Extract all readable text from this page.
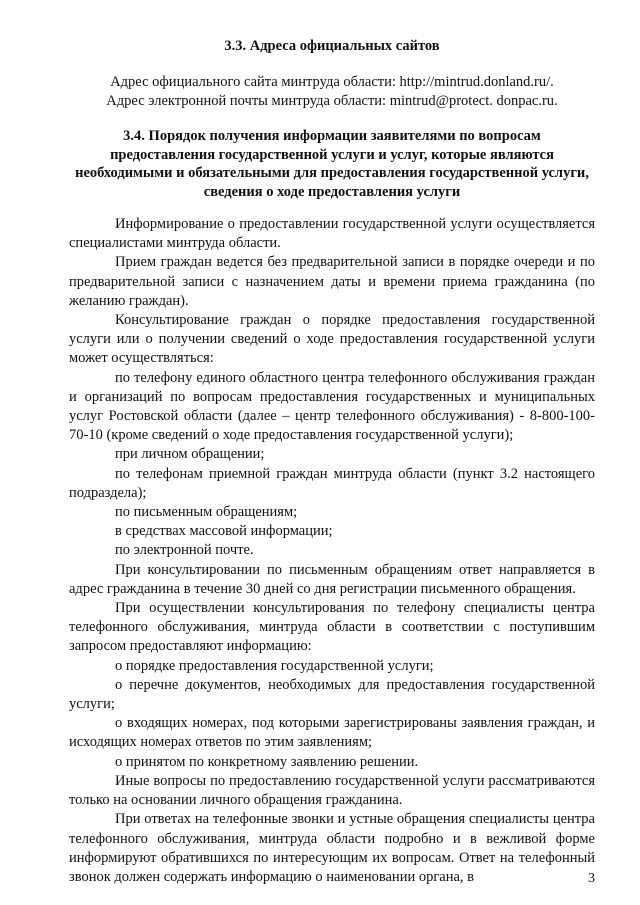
3.3. Адреса официальных сайтов
Адрес официального сайта минтруда области: http://mintrud.donland.ru/.
Адрес электронной почты минтруда области: mintrud@protect. donpac.ru.
3.4. Порядок получения информации заявителями по вопросам предоставления государственной услуги и услуг, которые являются необходимыми и обязательными для предоставления государственной услуги, сведения о ходе предоставления услуги

Информирование о предоставлении государственной услуги осуществляется специалистами минтруда области.

Прием граждан ведется без предварительной записи в порядке очереди и по предварительной записи с назначением даты и времени приема гражданина (по желанию граждан).

Консультирование граждан о порядке предоставления государственной услуги или о получении сведений о ходе предоставления государственной услуги может осуществляться:

по телефону единого областного центра телефонного обслуживания граждан и организаций по вопросам предоставления государственных и муниципальных услуг Ростовской области (далее – центр телефонного обслуживания) - 8-800-100-70-10 (кроме сведений о ходе предоставления государственной услуги);

при личном обращении;

по телефонам приемной граждан минтруда области (пункт 3.2 настоящего подраздела);

по письменным обращениям;

в средствах массовой информации;

по электронной почте.

При консультировании по письменным обращениям ответ направляется в адрес гражданина в течение 30 дней со дня регистрации письменного обращения.

При осуществлении консультирования по телефону специалисты центра телефонного обслуживания, минтруда области в соответствии с поступившим запросом предоставляют информацию:

о порядке предоставления государственной услуги;

о перечне документов, необходимых для предоставления государственной услуги;

о входящих номерах, под которыми зарегистрированы заявления граждан, и исходящих номерах ответов по этим заявлениям;

о принятом по конкретному заявлению решении.

Иные вопросы по предоставлению государственной услуги рассматриваются только на основании личного обращения гражданина.

При ответах на телефонные звонки и устные обращения специалисты центра телефонного обслуживания, минтруда области подробно и в вежливой форме информируют обратившихся по интересующим их вопросам. Ответ на телефонный звонок должен содержать информацию о наименовании органа, в	3
